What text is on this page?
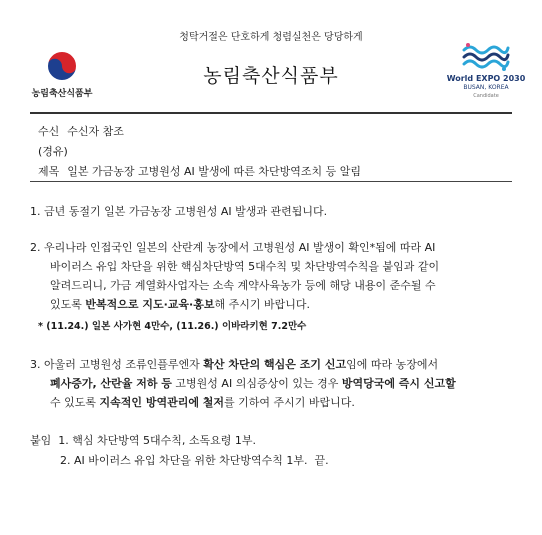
청탁거절은 단호하게 청렴실천은 당당하게
농림축산식품부
농림축산식품부	World EXPO 2030
BUSAN, KOREA
Candidate
수신 수신자 참조
(경유)
제목 일본 가금농장 고병원성 AI 발생에 따른 차단방역조치 등 알림
1. 금년 동절기 일본 가금농장 고병원성 AI 발생과 관련됩니다.
2. 우리나라 인접국인 일본의 산란계 농장에서 고병원성 AI 발생이 확인*됨에 따라 AI
바이러스 유입 차단을 위한 핵심차단방역 5대수칙 및 차단방역수칙을 붙임과 같이
알려드리니, 가금 계열화사업자는 소속 계약사육농가 등에 해당 내용이 준수될 수
있도록 반복적으로 지도·교육·홍보해 주시기 바랍니다.
* (11.24.) 일본 사가현 4만수, (11.26.) 이바라키현 7.2만수
3. 아울러 고병원성 조류인플루엔자 확산 차단의 핵심은 조기 신고임에 따라 농장에서
폐사증가, 산란율 저하 등 고병원성 AI 의심증상이 있는 경우 방역당국에 즉시 신고할
수 있도록 지속적인 방역관리에 철저를 기하여 주시기 바랍니다.
붙임 1. 핵심 차단방역 5대수칙, 소독요령 1부.
2. AI 바이러스 유입 차단을 위한 차단방역수칙 1부. 끝.
